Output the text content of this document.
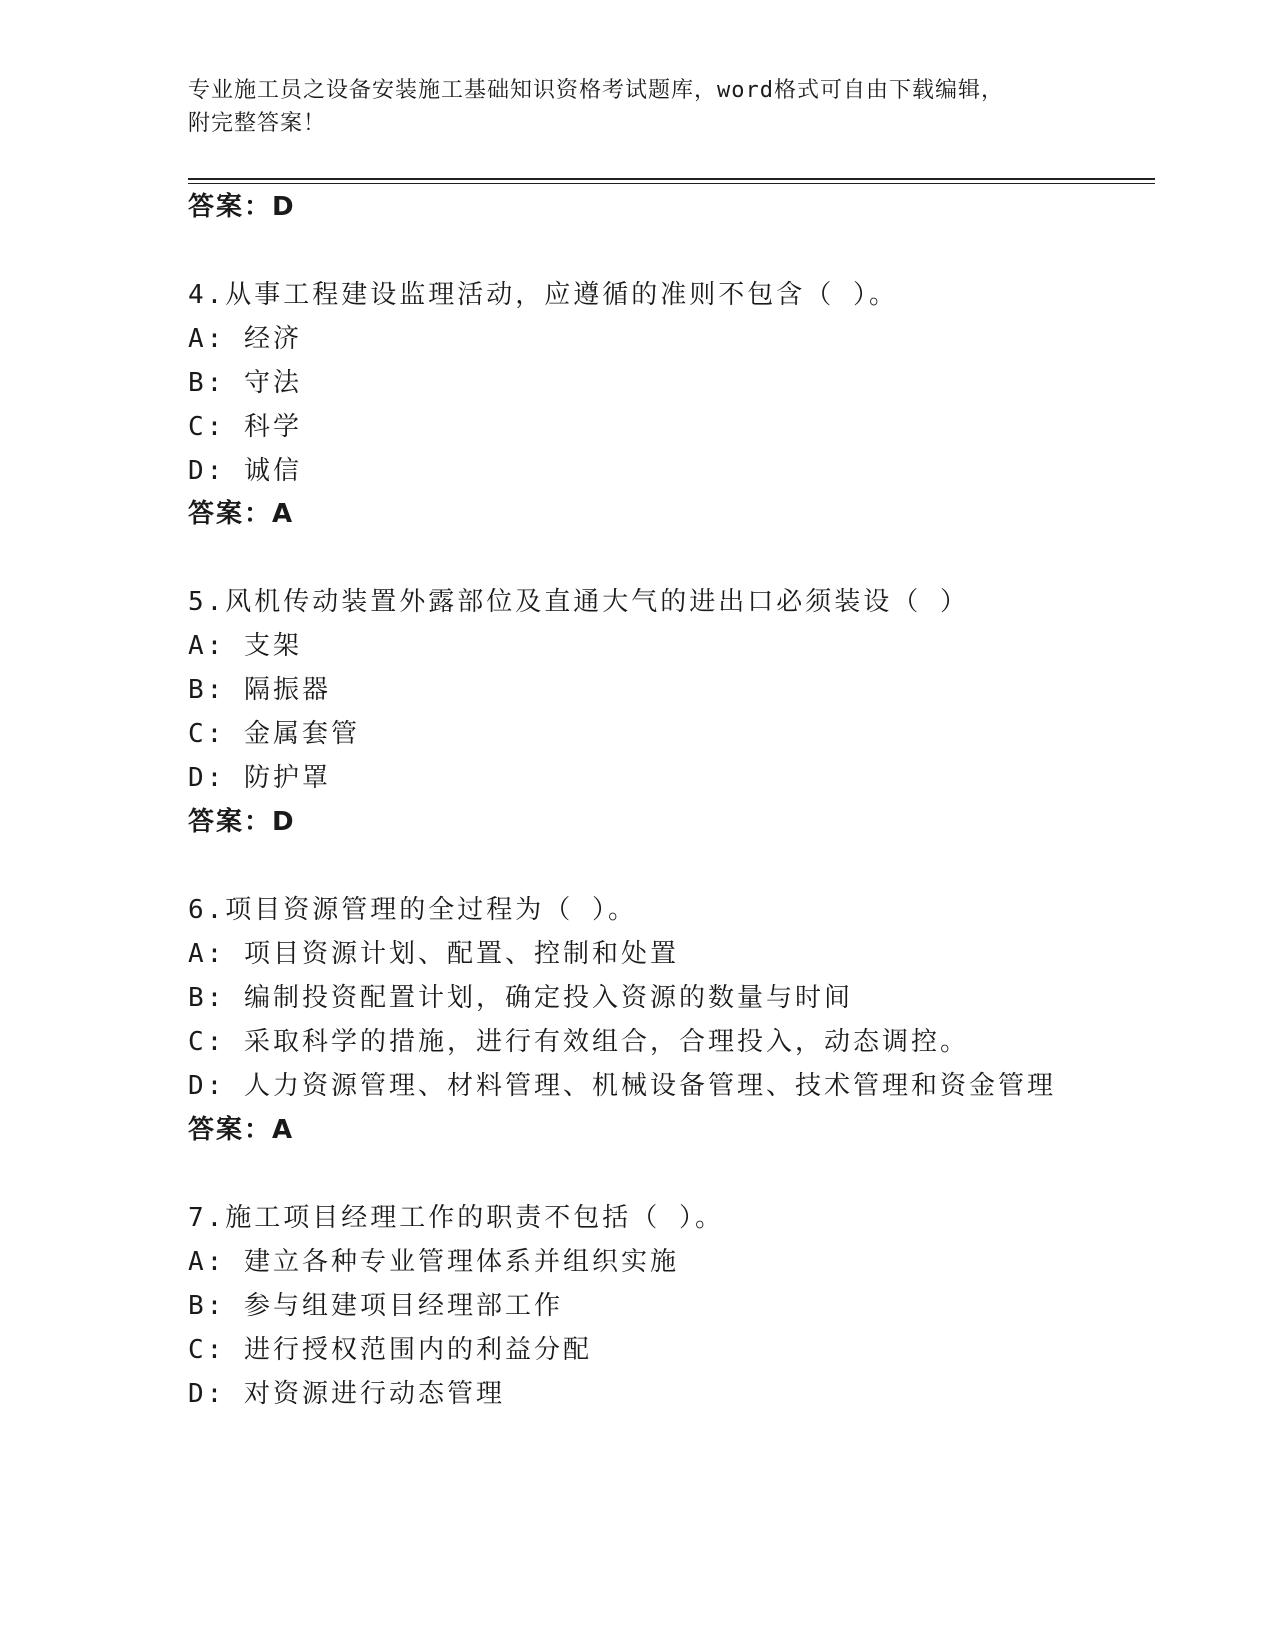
专业施工员之设备安装施工基础知识资格考试题库，word格式可自由下载编辑，
附完整答案！
答案：D
4.从事工程建设监理活动，应遵循的准则不包含（ ）。
A: 经济
B: 守法
C: 科学
D: 诚信
答案：A
5.风机传动装置外露部位及直通大气的进出口必须装设（ ）
A: 支架
B: 隔振器
C: 金属套管
D: 防护罩
答案：D
6.项目资源管理的全过程为（ ）。
A: 项目资源计划、配置、控制和处置
B: 编制投资配置计划，确定投入资源的数量与时间
C: 采取科学的措施，进行有效组合，合理投入，动态调控。
D: 人力资源管理、材料管理、机械设备管理、技术管理和资金管理
答案：A
7.施工项目经理工作的职责不包括（ ）。
A: 建立各种专业管理体系并组织实施
B: 参与组建项目经理部工作
C: 进行授权范围内的利益分配
D: 对资源进行动态管理
